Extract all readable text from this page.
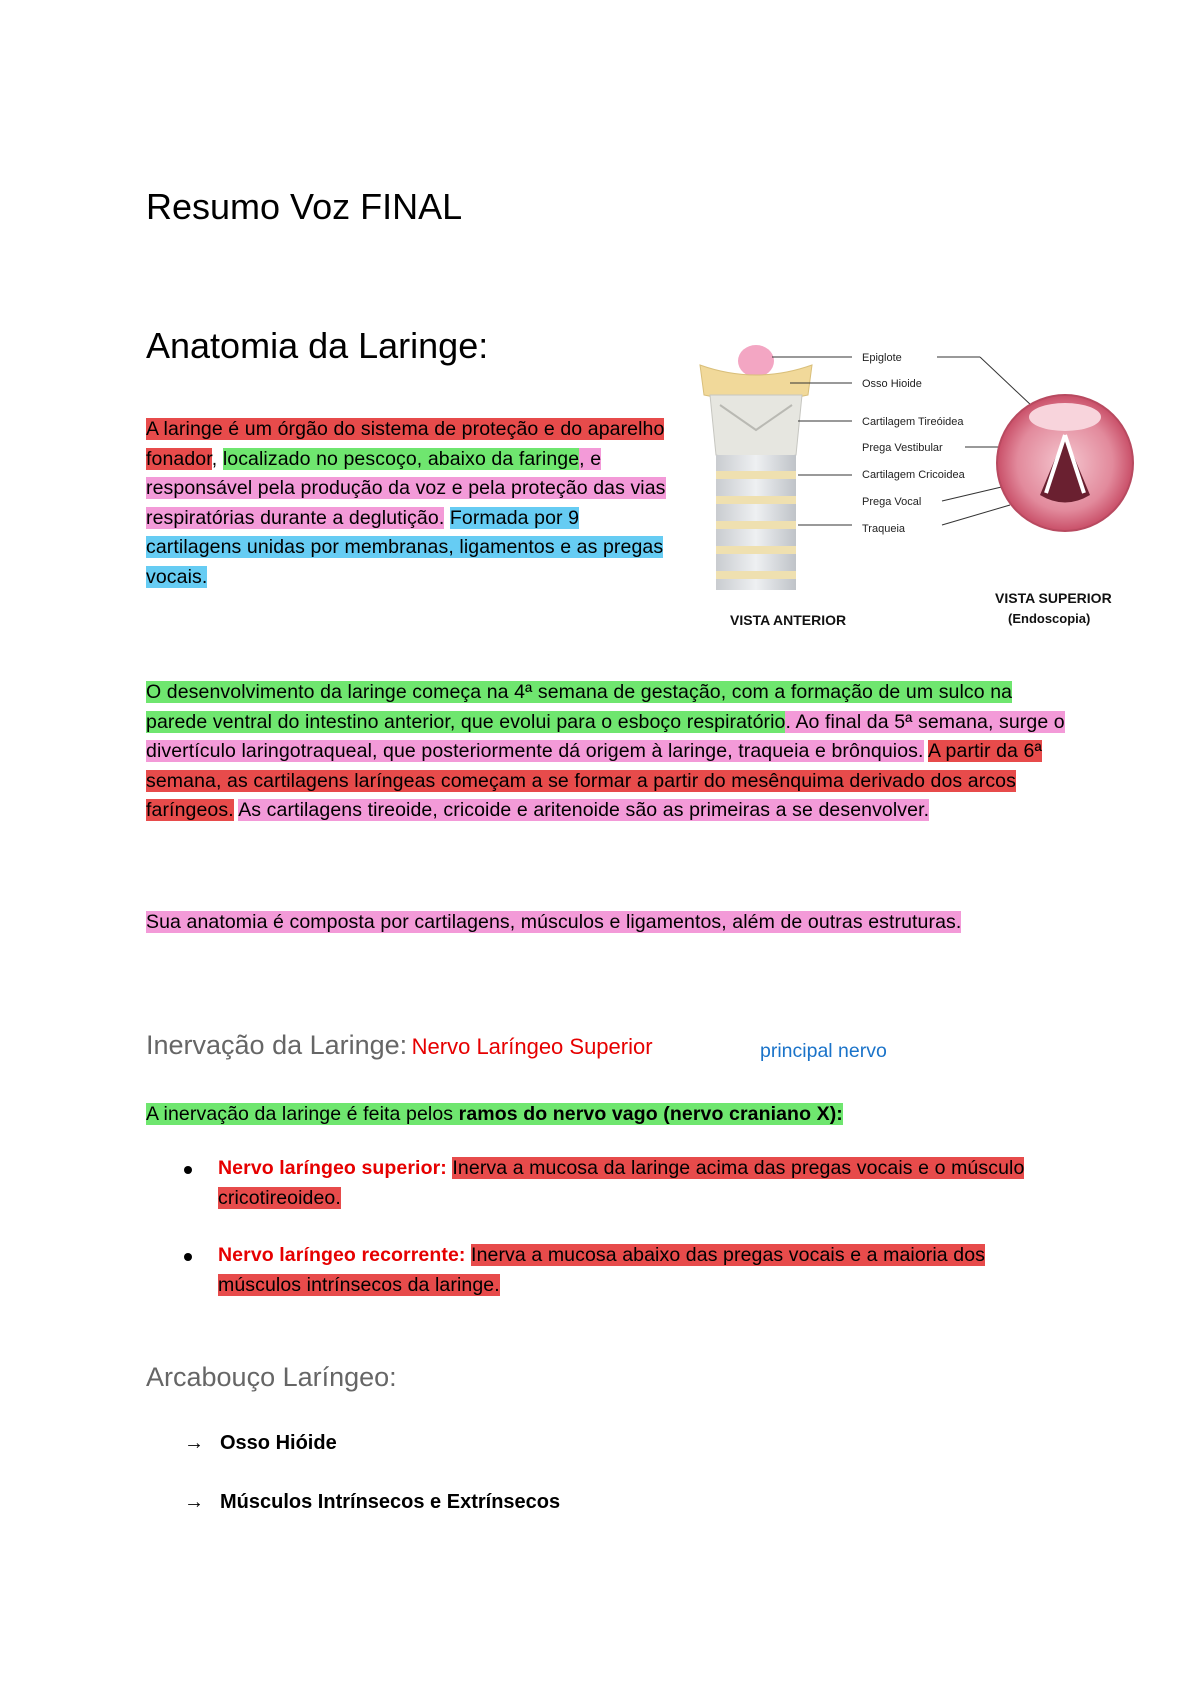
Resumo Voz FINAL
Anatomia da Laringe:
A laringe é um órgão do sistema de proteção e do aparelho fonador, localizado no pescoço, abaixo da faringe, e responsável pela produção da voz e pela proteção das vias respiratórias durante a deglutição. Formada por 9 cartilagens unidas por membranas, ligamentos e as pregas vocais.
Epiglote
Osso Hioide
Cartilagem Tireóidea
Prega Vestibular
Cartilagem Cricoidea
Prega Vocal
Traqueia
VISTA ANTERIOR
VISTA SUPERIOR
(Endoscopia)
O desenvolvimento da laringe começa na 4ª semana de gestação, com a formação de um sulco na parede ventral do intestino anterior, que evolui para o esboço respiratório. Ao final da 5ª semana, surge o divertículo laringotraqueal, que posteriormente dá origem à laringe, traqueia e brônquios. A partir da 6ª semana, as cartilagens laríngeas começam a se formar a partir do mesênquima derivado dos arcos faríngeos. As cartilagens tireoide, cricoide e aritenoide são as primeiras a se desenvolver.
Sua anatomia é composta por cartilagens, músculos e ligamentos, além de outras estruturas.
Inervação da Laringe: Nervo Laríngeo Superior	principal nervo
A inervação da laringe é feita pelos ramos do nervo vago (nervo craniano X):
Nervo laríngeo superior: Inerva a mucosa da laringe acima das pregas vocais e o músculo cricotireoideo.
Nervo laríngeo recorrente: Inerva a mucosa abaixo das pregas vocais e a maioria dos músculos intrínsecos da laringe.
Arcabouço Laríngeo:
→ Osso Hióide
→ Músculos Intrínsecos e Extrínsecos
